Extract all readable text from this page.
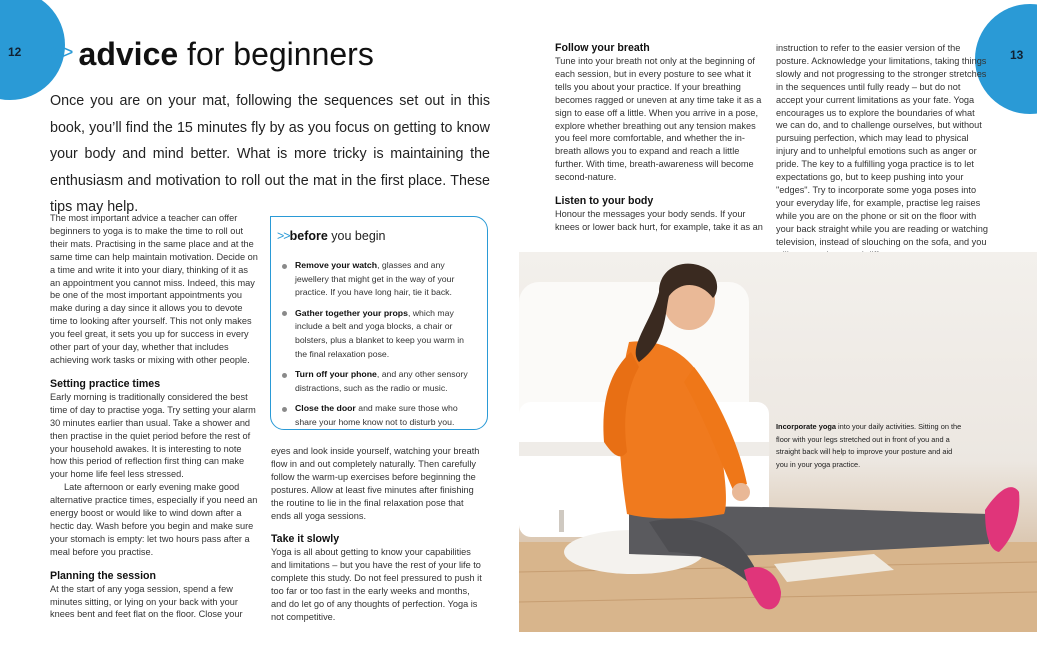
12	13
>> advice for beginners

Once you are on your mat, following the sequences set out in this book, you’ll find the 15 minutes fly by as you focus on getting to know your body and mind better. What is more tricky is maintaining the enthusiasm and motivation to roll out the mat in the first place. These tips may help.

The most important advice a teacher can offer beginners to yoga is to make the time to roll out their mats. Practising in the same place and at the same time can help maintain motivation. Decide on a time and write it into your diary, thinking of it as an appointment you cannot miss. Indeed, this may be one of the most important appointments you make during a day since it allows you to devote time to looking after yourself. This not only makes you feel great, it sets you up for success in every other part of your day, whether that includes achieving work tasks or mixing with other people.

Setting practice times

Early morning is traditionally considered the best time of day to practise yoga. Try setting your alarm 30 minutes earlier than usual. Take a shower and then practise in the quiet period before the rest of your household awakes. It is interesting to note how this period of reflection first thing can make your home life feel less stressed.

Late afternoon or early evening make good alternative practice times, especially if you need an energy boost or would like to wind down after a hectic day. Wash before you begin and make sure your stomach is empty: let two hours pass after a meal before you practise.

Planning the session

At the start of any yoga session, spend a few minutes sitting, or lying on your back with your knees bent and feet flat on the floor. Close your

>>before you begin
Remove your watch, glasses and any jewellery that might get in the way of your practice. If you have long hair, tie it back.
Gather together your props, which may include a belt and yoga blocks, a chair or bolsters, plus a blanket to keep you warm in the final relaxation pose.
Turn off your phone, and any other sensory distractions, such as the radio or music.
Close the door and make sure those who share your home know not to disturb you.

eyes and look inside yourself, watching your breath flow in and out completely naturally. Then carefully follow the warm-up exercises before beginning the postures. Allow at least five minutes after finishing the routine to lie in the final relaxation pose that ends all yoga sessions.

Take it slowly

Yoga is all about getting to know your capabilities and limitations – but you have the rest of your life to complete this study. Do not feel pressured to push it too far or too fast in the early weeks and months, and do let go of any thoughts of perfection. Yoga is not competitive.

Follow your breath

Tune into your breath not only at the beginning of each session, but in every posture to see what it tells you about your practice. If your breathing becomes ragged or uneven at any time take it as a sign to ease off a little. When you arrive in a pose, explore whether breathing out any tension makes you feel more comfortable, and whether the in-breath allows you to expand and reach a little further. With time, breath-awareness will become second-nature.

Listen to your body

Honour the messages your body sends. If your knees or lower back hurt, for example, take it as an

instruction to refer to the easier version of the posture. Acknowledge your limitations, taking things slowly and not progressing to the stronger stretches in the sequences until fully ready – but do not accept your current limitations as your fate. Yoga encourages us to explore the boundaries of what we can do, and to challenge ourselves, but without pursuing perfection, which may lead to physical injury and to unhelpful emotions such as anger or pride. The key to a fulfilling yoga practice is to let expectations go, but to keep pushing into your "edges". Try to incorporate some yoga poses into your everyday life, for example, practise leg raises while you are on the phone or sit on the floor with your back straight while you are reading or watching television, instead of slouching on the sofa, and you

Incorporate yoga into your daily activities. Sitting on the floor with your legs stretched out in front of you and a straight back will help to improve your posture and aid you in your yoga practice.
